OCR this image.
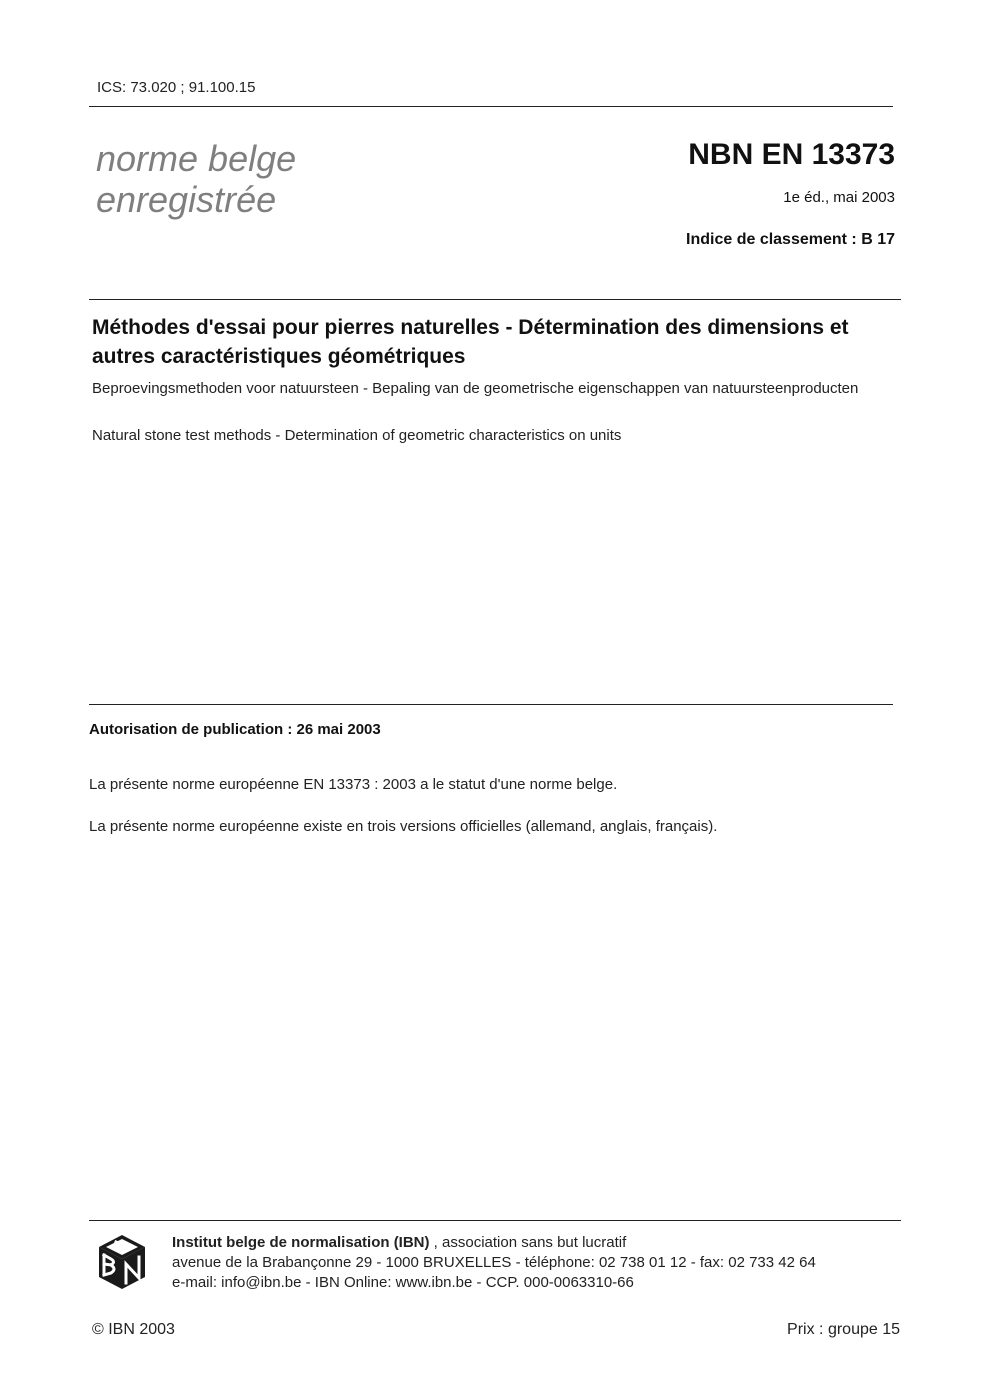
ICS: 73.020 ; 91.100.15
norme belge
enregistrée
NBN EN 13373
1e éd., mai 2003
Indice de classement : B 17
Méthodes d'essai pour pierres naturelles - Détermination des dimensions et autres caractéristiques géométriques
Beproevingsmethoden voor natuursteen - Bepaling van de geometrische eigenschappen van natuursteenproducten
Natural stone test methods - Determination of geometric characteristics on units
Autorisation de publication : 26 mai 2003
La présente norme européenne EN 13373 : 2003 a le statut d'une norme belge.
La présente norme européenne existe en trois versions officielles (allemand, anglais, français).
Institut belge de normalisation (IBN) , association sans but lucratif
avenue de la Brabançonne 29 - 1000 BRUXELLES - téléphone: 02 738 01 12 - fax: 02 733 42 64
e-mail: info@ibn.be - IBN Online: www.ibn.be - CCP. 000-0063310-66
© IBN 2003	Prix : groupe 15
